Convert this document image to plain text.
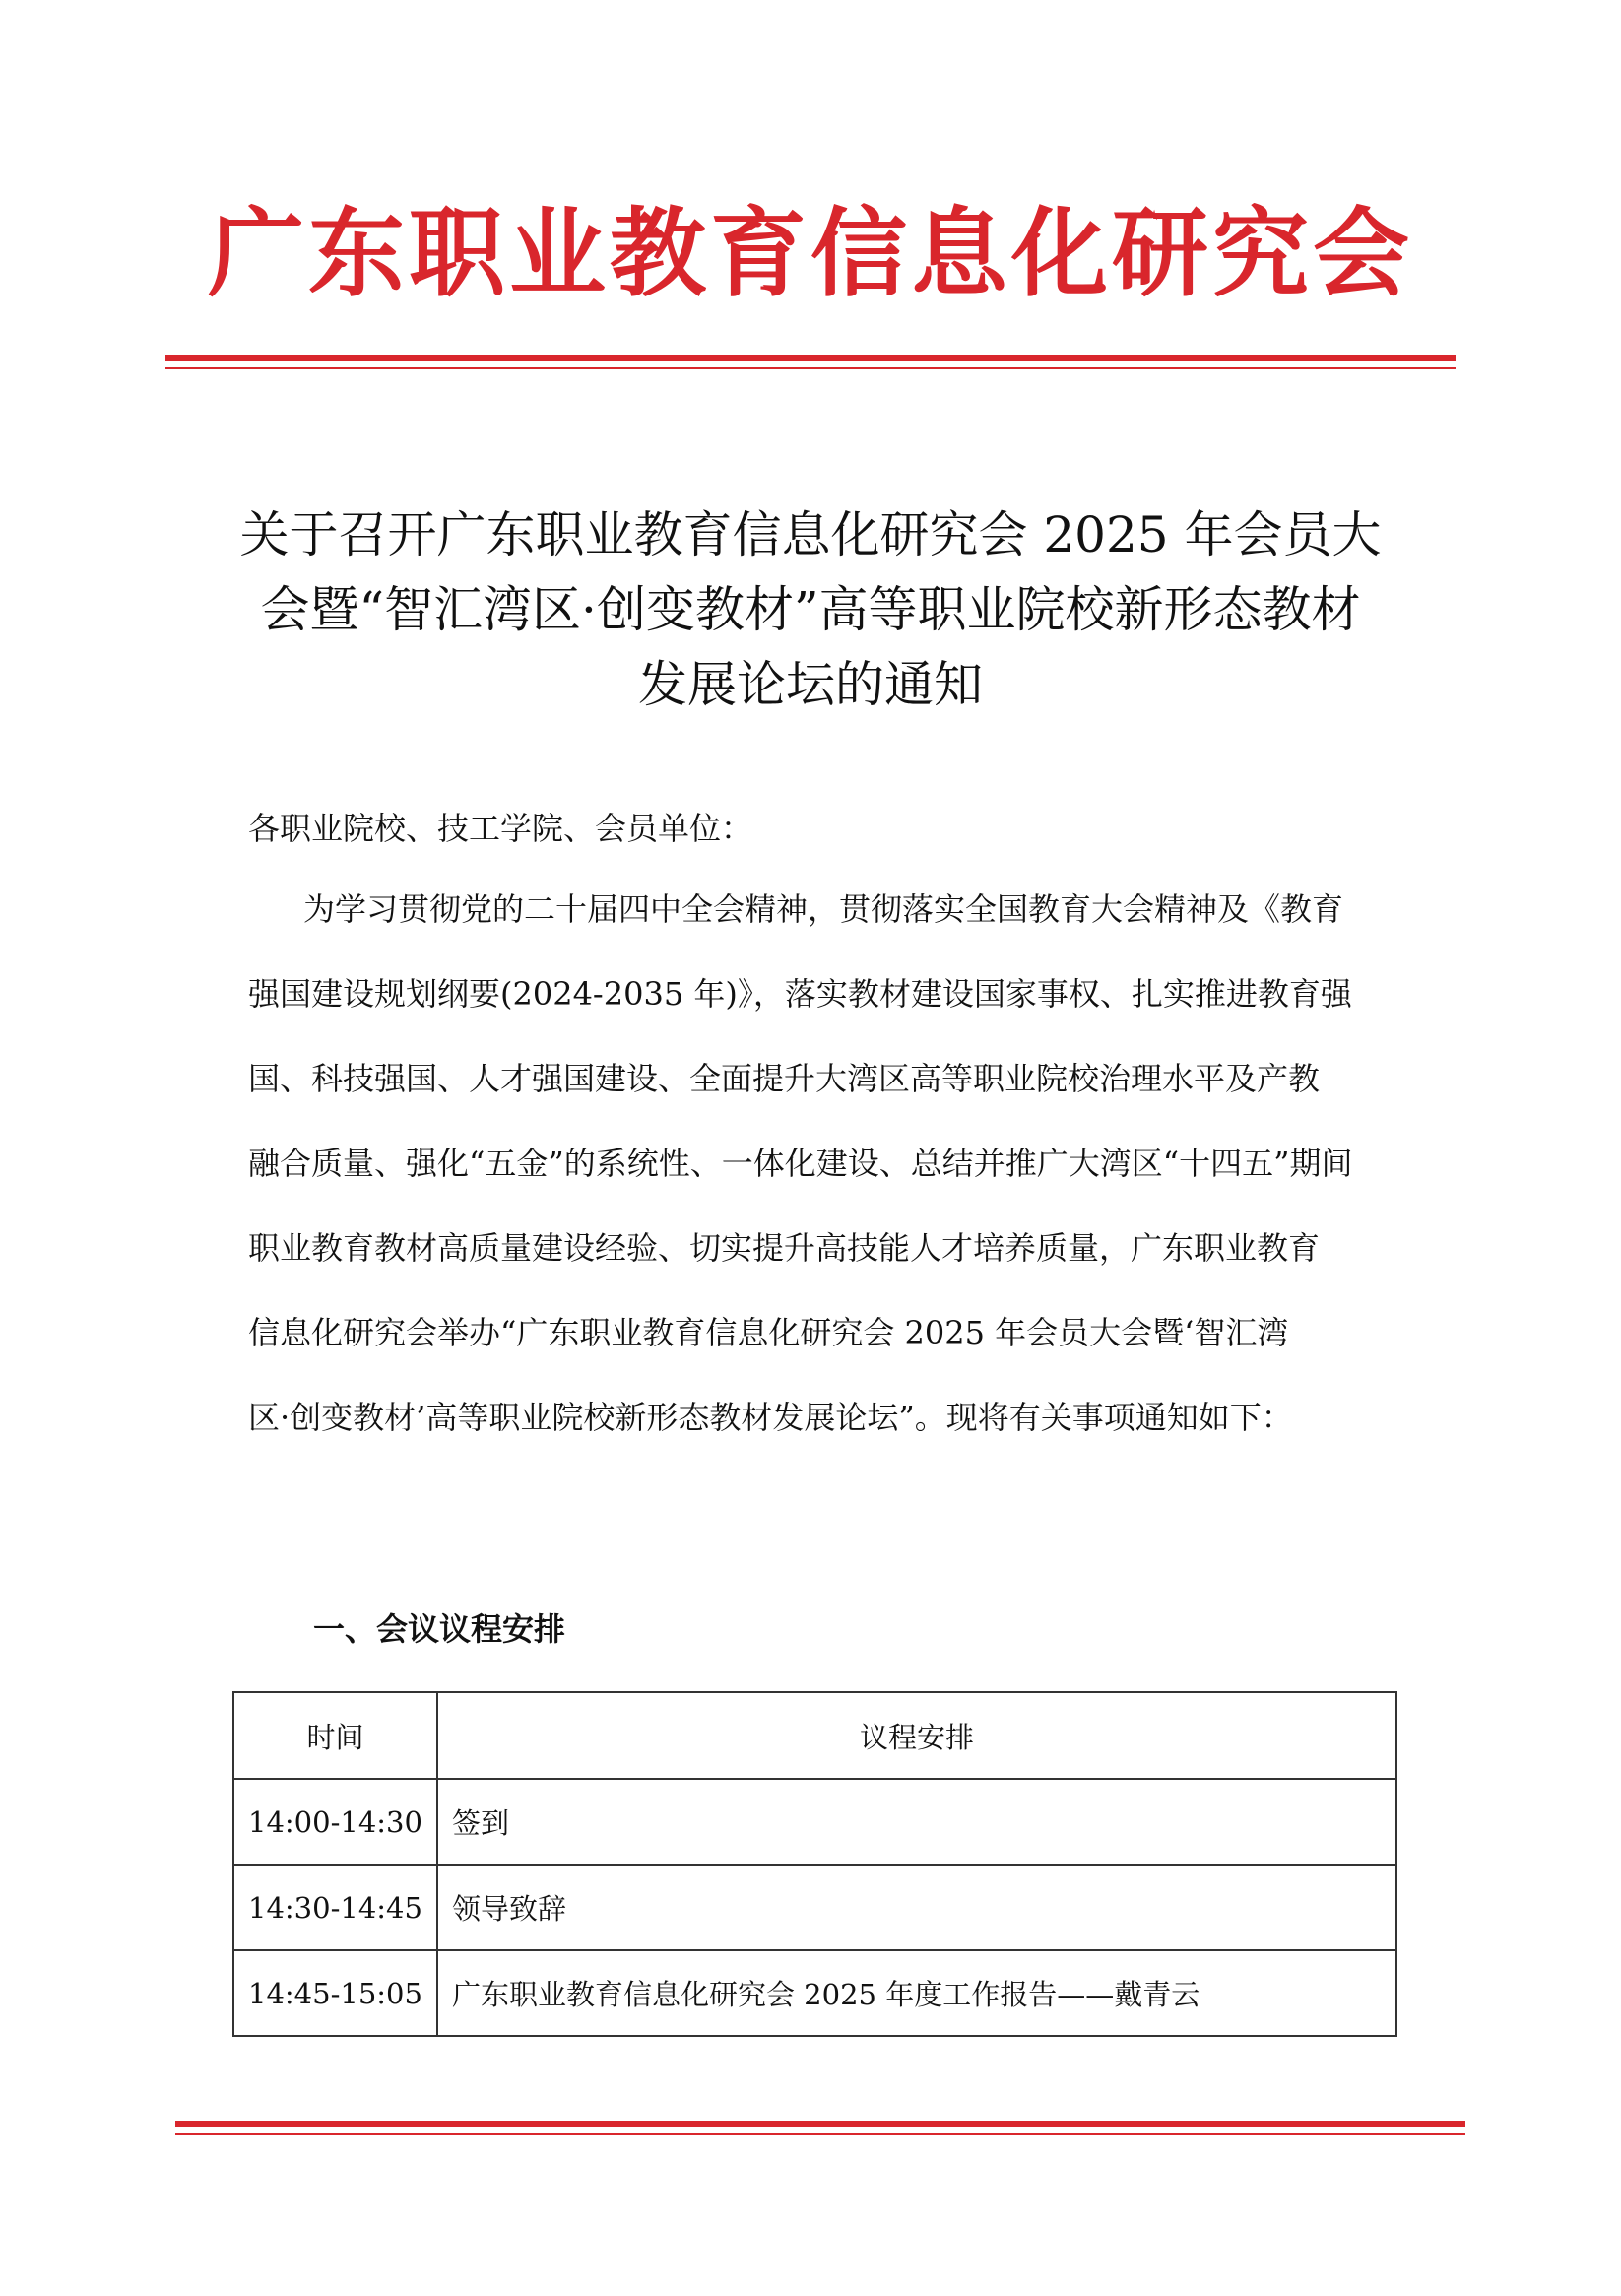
广东职业教育信息化研究会
关于召开广东职业教育信息化研究会 2025 年会员大
会暨“智汇湾区·创变教材”高等职业院校新形态教材
发展论坛的通知
各职业院校、技工学院、会员单位：
为学习贯彻党的二十届四中全会精神，贯彻落实全国教育大会精神及《教育
强国建设规划纲要(2024-2035 年)》，落实教材建设国家事权、扎实推进教育强
国、科技强国、人才强国建设、全面提升大湾区高等职业院校治理水平及产教
融合质量、强化“五金”的系统性、一体化建设、总结并推广大湾区“十四五”期间
职业教育教材高质量建设经验、切实提升高技能人才培养质量，广东职业教育
信息化研究会举办“广东职业教育信息化研究会 2025 年会员大会暨‘智汇湾
区·创变教材’高等职业院校新形态教材发展论坛”。现将有关事项通知如下：
一、会议议程安排
时间	议程安排
14:00-14:30	签到
14:30-14:45	领导致辞
14:45-15:05	广东职业教育信息化研究会 2025 年度工作报告——戴青云
